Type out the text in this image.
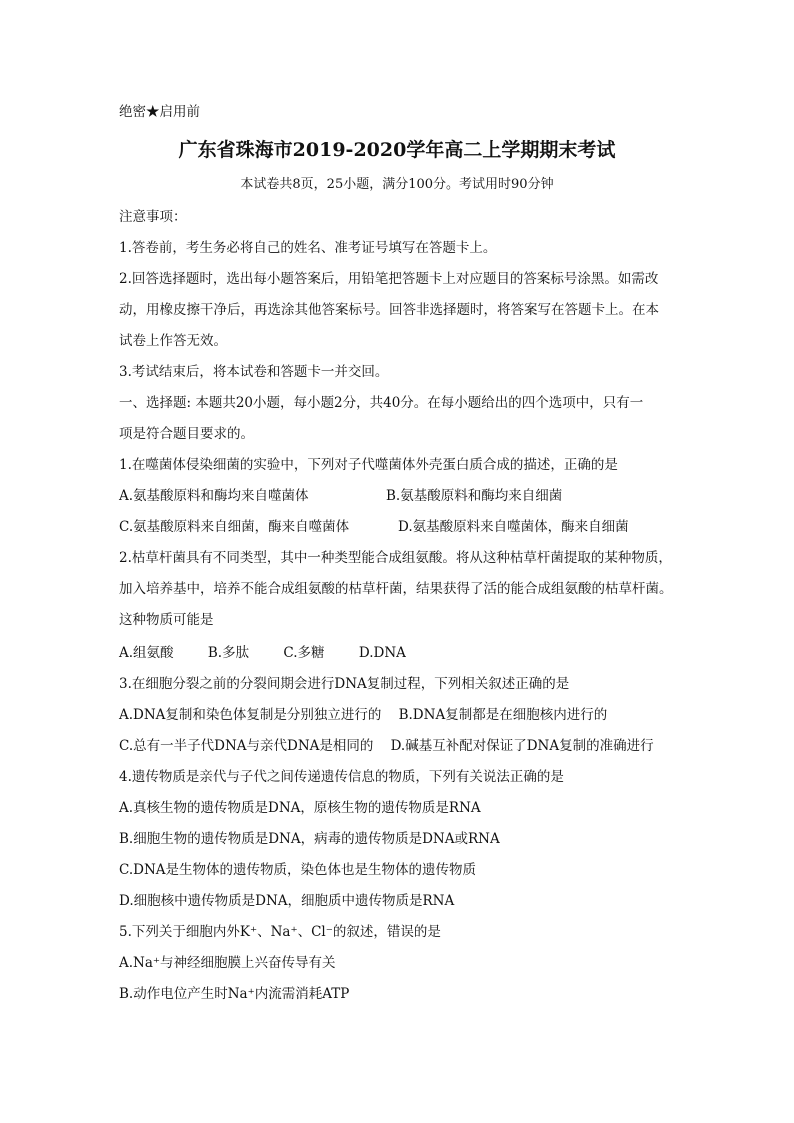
绝密★启用前
广东省珠海市2019-2020学年高二上学期期末考试
本试卷共8页，25小题，满分100分。考试用时90分钟
注意事项：
1.答卷前，考生务必将自己的姓名、准考证号填写在答题卡上。
2.回答选择题时，选出每小题答案后，用铅笔把答题卡上对应题目的答案标号涂黑。如需改
动，用橡皮擦干净后，再选涂其他答案标号。回答非选择题时，将答案写在答题卡上。在本
试卷上作答无效。
3.考试结束后，将本试卷和答题卡一并交回。
一、选择题: 本题共20小题，每小题2分，共40分。在每小题给出的四个选项中，只有一
项是符合题目要求的。
1.在噬菌体侵染细菌的实验中，下列对子代噬菌体外壳蛋白质合成的描述，正确的是
A.氨基酸原料和酶均来自噬菌体	B.氨基酸原料和酶均来自细菌
C.氨基酸原料来自细菌，酶来自噬菌体	D.氨基酸原料来自噬菌体，酶来自细菌
2.枯草杆菌具有不同类型，其中一种类型能合成组氨酸。将从这种枯草杆菌提取的某种物质，
加入培养基中，培养不能合成组氨酸的枯草杆菌，结果获得了活的能合成组氨酸的枯草杆菌。
这种物质可能是
A.组氨酸        B.多肽        C.多糖        D.DNA
3.在细胞分裂之前的分裂间期会进行DNA复制过程，下列相关叙述正确的是
A.DNA复制和染色体复制是分别独立进行的    B.DNA复制都是在细胞核内进行的
C.总有一半子代DNA与亲代DNA是相同的    D.碱基互补配对保证了DNA复制的准确进行
4.遗传物质是亲代与子代之间传递遗传信息的物质，下列有关说法正确的是
A.真核生物的遗传物质是DNA，原核生物的遗传物质是RNA
B.细胞生物的遗传物质是DNA，病毒的遗传物质是DNA或RNA
C.DNA是生物体的遗传物质，染色体也是生物体的遗传物质
D.细胞核中遗传物质是DNA，细胞质中遗传物质是RNA
5.下列关于细胞内外K⁺、Na⁺、Cl⁻的叙述，错误的是
A.Na⁺与神经细胞膜上兴奋传导有关
B.动作电位产生时Na⁺内流需消耗ATP
